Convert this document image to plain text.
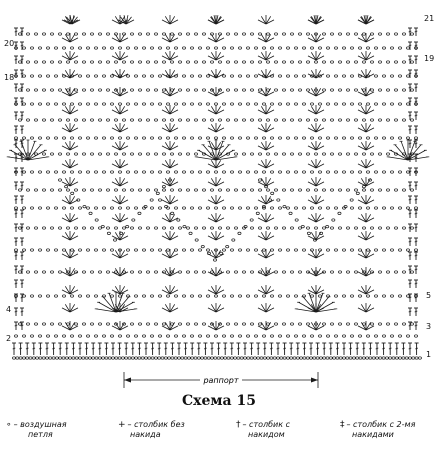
раппорт
20
18
4
2
21
19
5
3
1
Схема 15
∘ – воздушная
петля
+ – столбик без
накида
† – столбик с
накидом
‡ – столбик с 2-мя
накидами
